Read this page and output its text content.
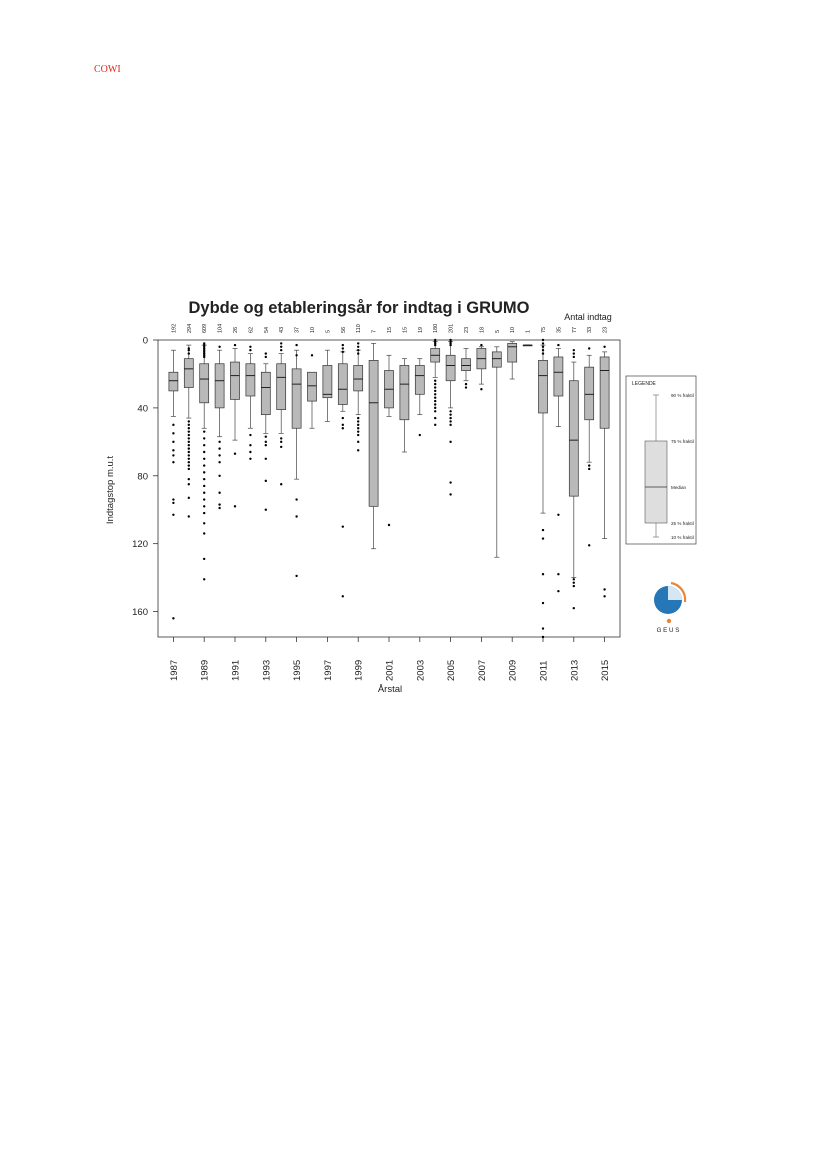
COWI
Dybde og etableringsår for indtag i GRUMO	Antal indtag
Indtagstop m.u.t
Årstal
0
40
80
120
160
1987 1989 1991 1993 1995 1997 1999 2001 2003 2005 2007 2009 2011 2013 2015
192 294 609 104 26 62 54 43 37 10 5 56 110 7 15 15 19 180 201 23 18 5 10 1 75 35 77 33 23
LEGENDE
90 % fraktil
75 % fraktil
Median
25 % fraktil
10 % fraktil
G E U S
